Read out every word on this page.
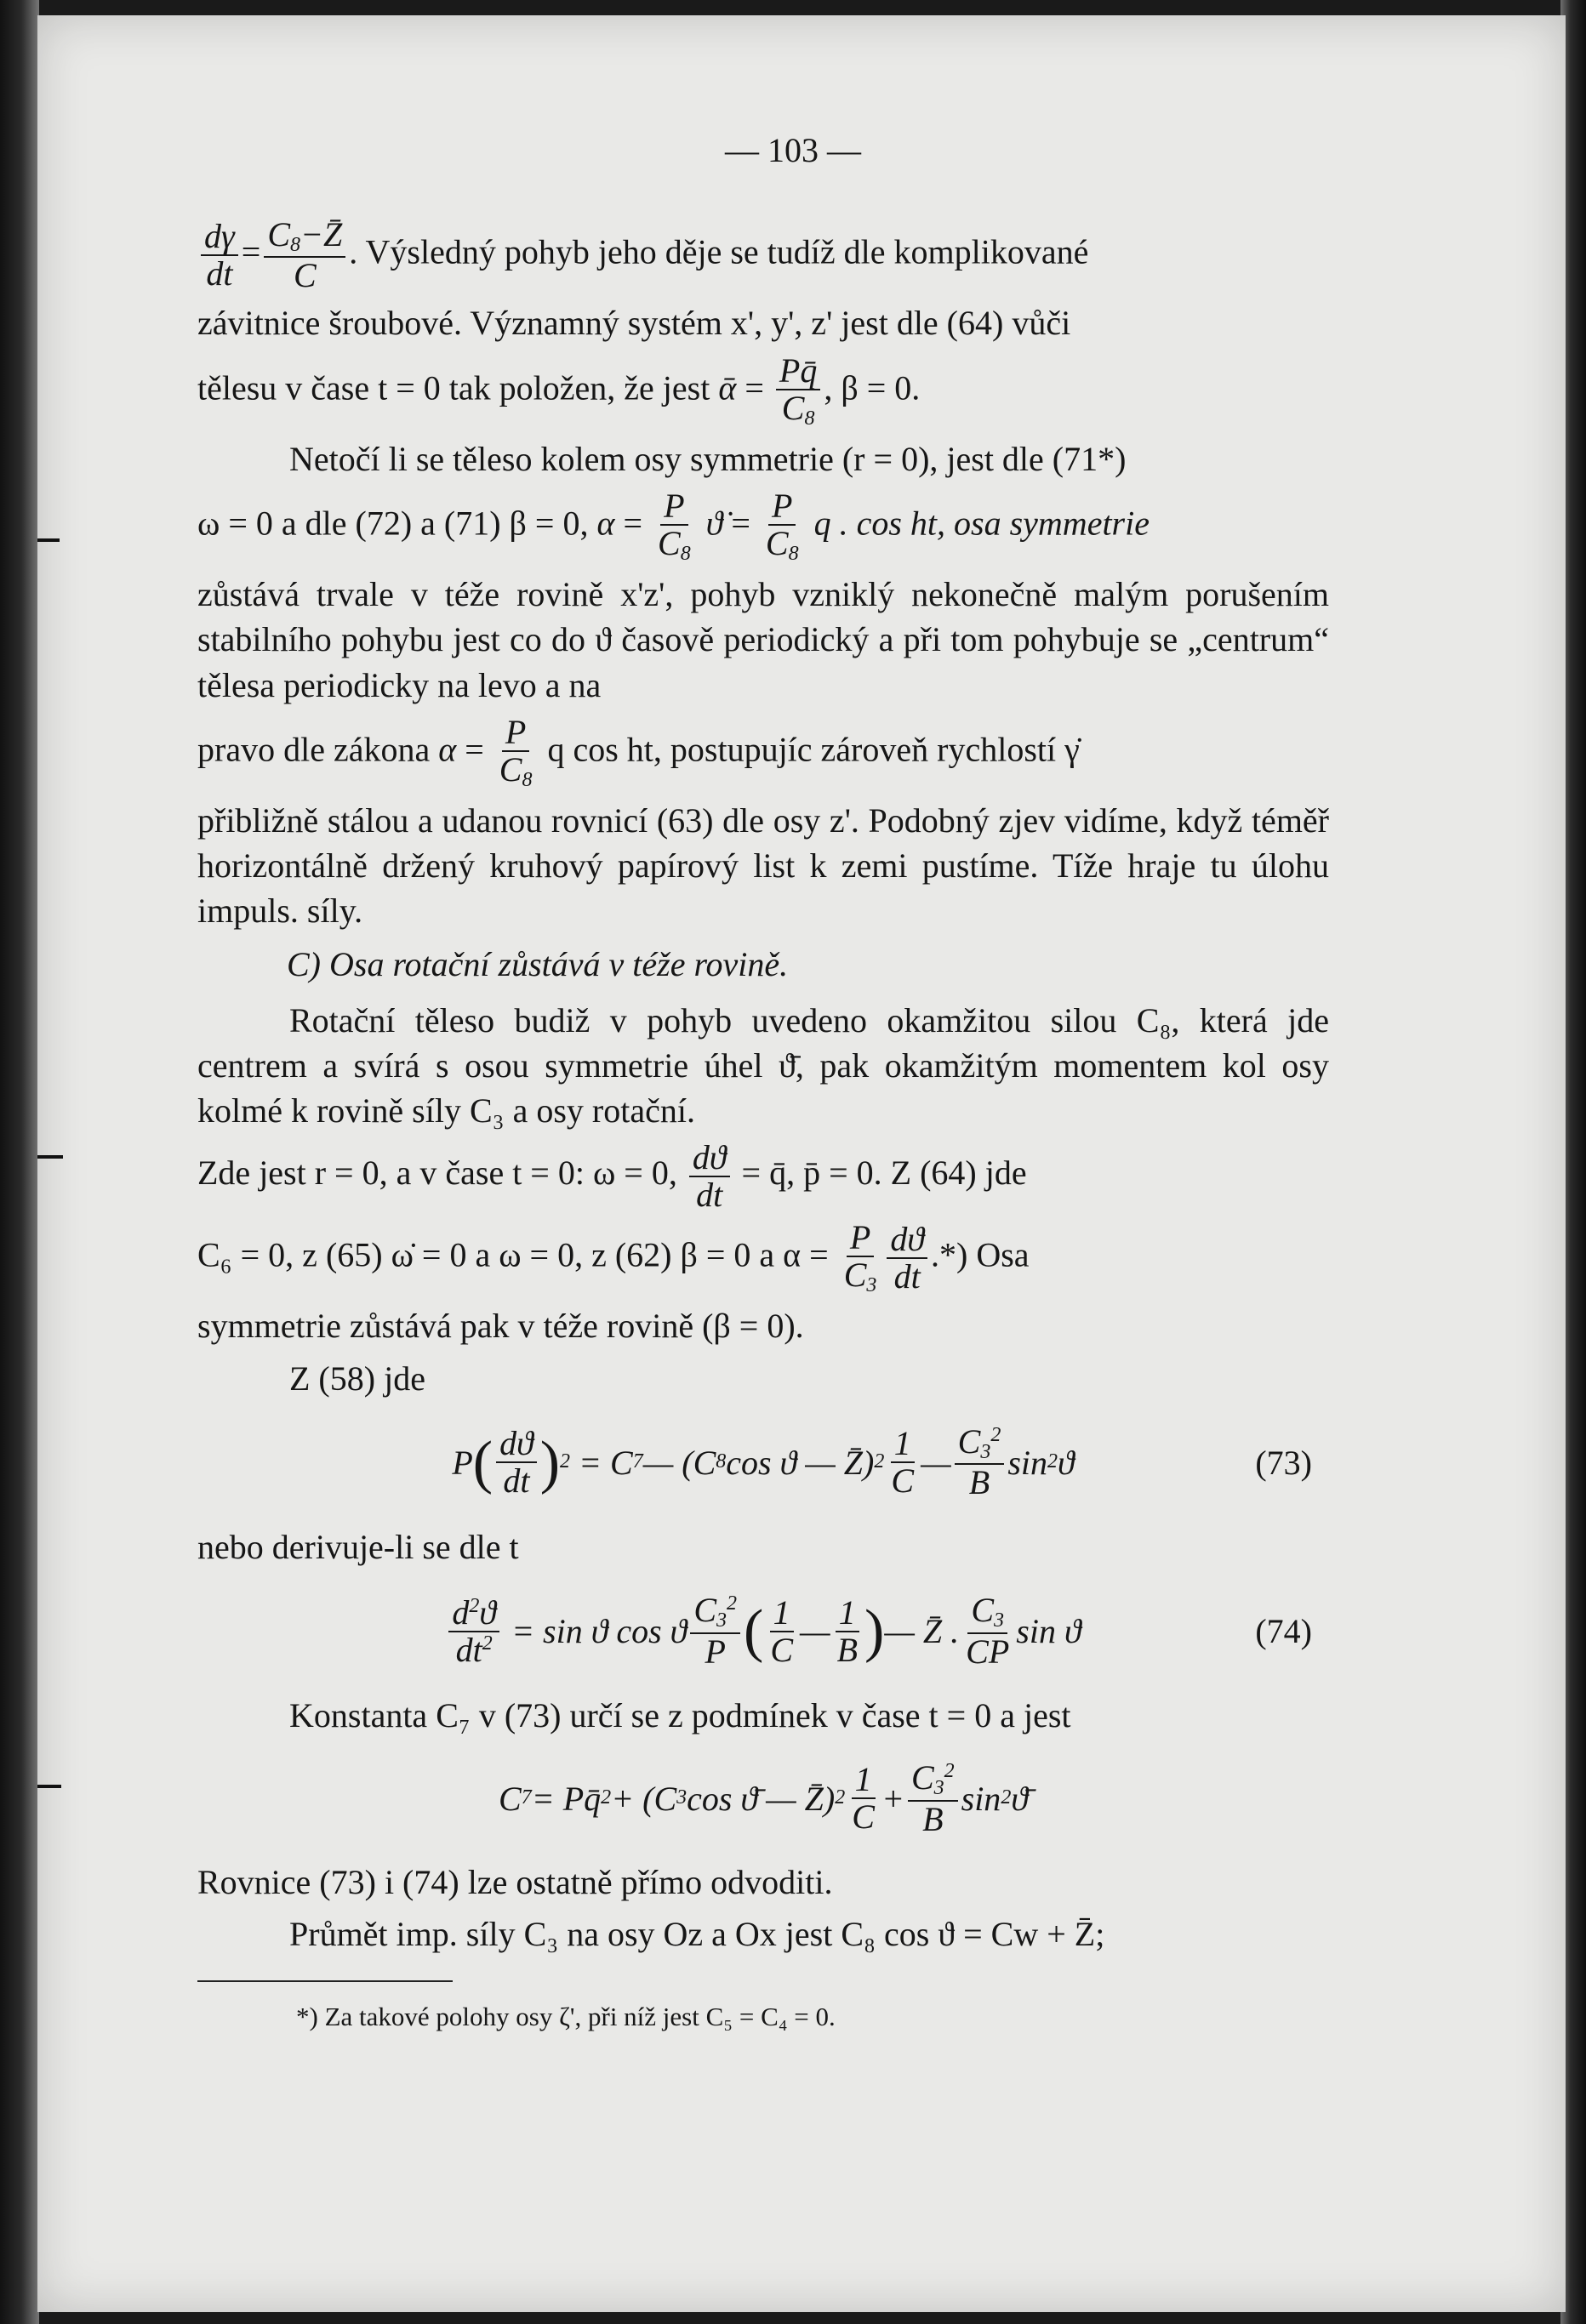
— 103 —
$\frac{d\gamma}{dt} = \frac{C_8-Z̄}{C}$ . Výsledný pohyb jeho děje se tudíž dle komplikované
závitnice šroubové. Významný systém x', y', z' jest dle (64) vůči
tělesu v čase t = 0 tak položen, že jest ᾱ = $\frac{Pq̄}{C_8}$ , β = 0.
Netočí li se těleso kolem osy symmetrie (r = 0), jest dle (71*)
ω = 0 a dle (72) a (71) β = 0, $\alpha = \frac{P}{C_8}$ ϑ̇ = $\frac{P}{C_8}$ q . cos ht, osa symmetrie
zůstává trvale v téže rovině x'z', pohyb vzniklý nekonečně malým porušením stabilního pohybu jest co do ϑ časově periodický a při tom pohybuje se „centrum“ tělesa periodicky na levo a na
pravo dle zákona $\alpha = \frac{P}{C_8}$ q cos ht, postupujíc zároveň rychlostí γ̇
přibližně stálou a udanou rovnicí (63) dle osy z'. Podobný zjev vidíme, když téměř horizontálně držený kruhový papírový list k zemi pustíme. Tíže hraje tu úlohu impuls. síly.
C) Osa rotační zůstává v téže rovině.
Rotační těleso budiž v pohyb uvedeno okamžitou silou C₈, která jde centrem a svírá s osou symmetrie úhel ϑ̄, pak okamžitým momentem kol osy kolmé k rovině síly C₃ a osy rotační.
Zde jest r = 0, a v čase t = 0: ω = 0, $\frac{dϑ}{dt}$ = q̄, p̄ = 0. Z (64) jde
C₆ = 0, z (65) ω̇ = 0 a ω = 0, z (62) β = 0 a $\alpha = \frac{P}{C_3} \frac{dϑ}{dt}$ .*) Osa
symmetrie zůstává pak v téže rovině (β = 0).
Z (58) jde
P ( $\frac{dϑ}{dt}$ ) 2 = C 7 — (C 8 cos ϑ — Z̄) $2 \frac{1}{C}$ — $\frac{C_3^2}{B}$ sin 2 ϑ	(73)
nebo derivuje-li se dle t
$\frac{d^2ϑ}{dt^2} = \sin ϑ$ cos ϑ $\frac{C_3^2}{P}$ ( $\frac{1}{C}$ — $\frac{1}{B}$ ) — Z̄ . $\frac{C_3}{CP}$ sin ϑ	(74)
Konstanta C₇ v (73) určí se z podmínek v čase t = 0 a jest
C 7 = Pq̄ 2 + (C 3 cos ϑ̄ — Z̄) $2 \frac{1}{C} + \frac{C_3^2}{B}$ sin 2 ϑ̄
Rovnice (73) i (74) lze ostatně přímo odvoditi.
Průmět imp. síly C₃ na osy Oz a Ox jest C₈ cos ϑ = Cw + Z̄;
*) Za takové polohy osy ζ', při níž jest C₅ = C₄ = 0.
